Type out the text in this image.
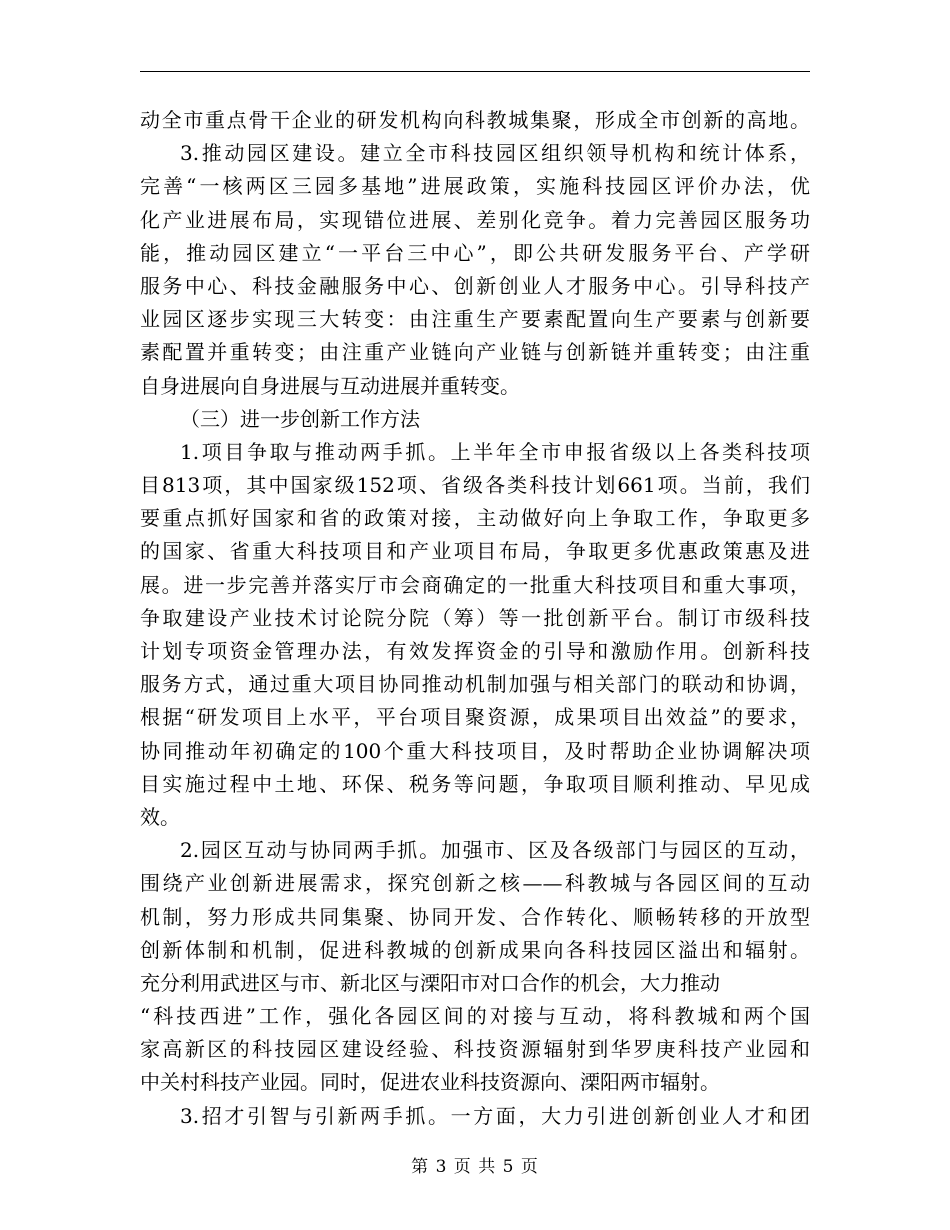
动全市重点骨干企业的研发机构向科教城集聚，形成全市创新的高地。
3.推动园区建设。建立全市科技园区组织领导机构和统计体系，
完善“一核两区三园多基地”进展政策，实施科技园区评价办法，优
化产业进展布局，实现错位进展、差别化竞争。着力完善园区服务功
能，推动园区建立“一平台三中心”，即公共研发服务平台、产学研
服务中心、科技金融服务中心、创新创业人才服务中心。引导科技产
业园区逐步实现三大转变：由注重生产要素配置向生产要素与创新要
素配置并重转变；由注重产业链向产业链与创新链并重转变；由注重
自身进展向自身进展与互动进展并重转变。
（三）进一步创新工作方法
1.项目争取与推动两手抓。上半年全市申报省级以上各类科技项
目813项，其中国家级152项、省级各类科技计划661项。当前，我们
要重点抓好国家和省的政策对接，主动做好向上争取工作，争取更多
的国家、省重大科技项目和产业项目布局，争取更多优惠政策惠及进
展。进一步完善并落实厅市会商确定的一批重大科技项目和重大事项，
争取建设产业技术讨论院分院（筹）等一批创新平台。制订市级科技
计划专项资金管理办法，有效发挥资金的引导和激励作用。创新科技
服务方式，通过重大项目协同推动机制加强与相关部门的联动和协调，
根据“研发项目上水平，平台项目聚资源，成果项目出效益”的要求，
协同推动年初确定的100个重大科技项目，及时帮助企业协调解决项
目实施过程中土地、环保、税务等问题，争取项目顺利推动、早见成
效。
2.园区互动与协同两手抓。加强市、区及各级部门与园区的互动，
围绕产业创新进展需求，探究创新之核——科教城与各园区间的互动
机制，努力形成共同集聚、协同开发、合作转化、顺畅转移的开放型
创新体制和机制，促进科教城的创新成果向各科技园区溢出和辐射。
充分利用武进区与市、新北区与溧阳市对口合作的机会，大力推动
“科技西进”工作，强化各园区间的对接与互动，将科教城和两个国
家高新区的科技园区建设经验、科技资源辐射到华罗庚科技产业园和
中关村科技产业园。同时，促进农业科技资源向、溧阳两市辐射。
3.招才引智与引新两手抓。一方面，大力引进创新创业人才和团
第 3 页 共 5 页
